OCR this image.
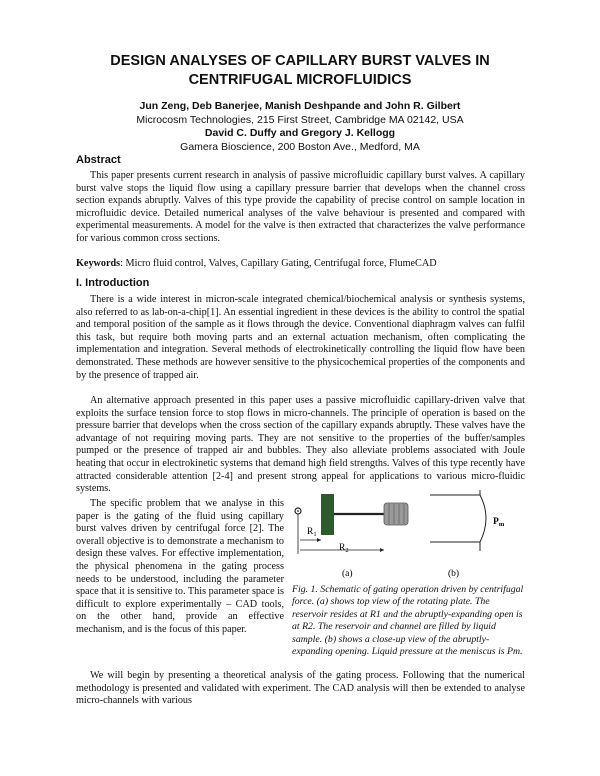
DESIGN ANALYSES OF CAPILLARY BURST VALVES IN CENTRIFUGAL MICROFLUIDICS
Jun Zeng, Deb Banerjee, Manish Deshpande and John R. Gilbert
Microcosm Technologies, 215 First Street, Cambridge MA 02142, USA
David C. Duffy and Gregory J. Kellogg
Gamera Bioscience, 200 Boston Ave., Medford, MA
Abstract

This paper presents current research in analysis of passive microfluidic capillary burst valves. A capillary burst valve stops the liquid flow using a capillary pressure barrier that develops when the channel cross section expands abruptly. Valves of this type provide the capability of precise control on sample location in microfluidic device. Detailed numerical analyses of the valve behaviour is presented and compared with experimental measurements. A model for the valve is then extracted that characterizes the valve performance for various common cross sections.

Keywords: Micro fluid control, Valves, Capillary Gating, Centrifugal force, FlumeCAD
I. Introduction

There is a wide interest in micron-scale integrated chemical/biochemical analysis or synthesis systems, also referred to as lab-on-a-chip[1]. An essential ingredient in these devices is the ability to control the spatial and temporal position of the sample as it flows through the device. Conventional diaphragm valves can fulfil this task, but require both moving parts and an external actuation mechanism, often complicating the implementation and integration. Several methods of electrokinetically controlling the liquid flow have been demonstrated. These methods are however sensitive to the physicochemical properties of the components and by the presence of trapped air.

An alternative approach presented in this paper uses a passive microfluidic capillary-driven valve that exploits the surface tension force to stop flows in micro-channels. The principle of operation is based on the pressure barrier that develops when the cross section of the capillary expands abruptly. These valves have the advantage of not requiring moving parts. They are not sensitive to the properties of the buffer/samples pumped or the presence of trapped air and bubbles. They also alleviate problems associated with Joule heating that occur in electrokinetic systems that demand high field strengths. Valves of this type recently have attracted considerable attention [2-4] and present strong appeal for applications to various micro-fluidic systems.

The specific problem that we analyse in this paper is the gating of the fluid using capillary burst valves driven by centrifugal force [2]. The overall objective is to demonstrate a mechanism to design these valves. For effective implementation, the physical phenomena in the gating process needs to be understood, including the parameter space that it is sensitive to. This parameter space is difficult to explore experimentally – CAD tools, on the other hand, provide an effective mechanism, and is the focus of this paper.

$R_1$
$R_2$
$P_m$
(a)	(b)

Fig. 1. Schematic of gating operation driven by centrifugal force. (a) shows top view of the rotating plate. The reservoir resides at R1 and the abruptly-expanding open is at R2. The reservoir and channel are filled by liquid sample. (b) shows a close-up view of the abruptly-expanding opening. Liquid pressure at the meniscus is Pm.

We will begin by presenting a theoretical analysis of the gating process. Following that the numerical methodology is presented and validated with experiment. The CAD analysis will then be extended to analyse micro-channels with various
